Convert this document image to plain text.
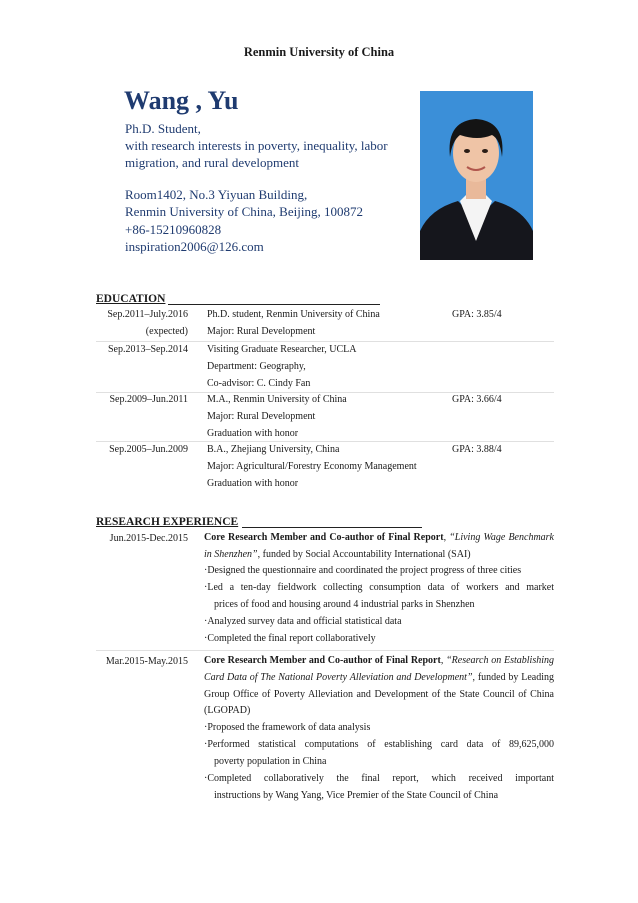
Renmin University of China
Wang , Yu
Ph.D. Student,
with research interests in poverty, inequality, labor
migration, and rural development
Room1402, No.3 Yiyuan Building,
Renmin University of China, Beijing, 100872
+86-15210960828
inspiration2006@126.com
EDUCATION
Sep.2011–July.2016
(expected)
Ph.D. student, Renmin University of China
Major: Rural Development
GPA: 3.85/4
Sep.2013–Sep.2014 Visiting Graduate Researcher, UCLA
Department: Geography,
Co-advisor: C. Cindy Fan
Sep.2009–Jun.2011 M.A., Renmin University of China
Major: Rural Development
Graduation with honor
GPA: 3.66/4
Sep.2005–Jun.2009 B.A., Zhejiang University, China
Major: Agricultural/Forestry Economy Management
Graduation with honor
GPA: 3.88/4
RESEARCH EXPERIENCE
Jun.2015-Dec.2015 Core Research Member and Co-author of Final Report, “Living Wage Benchmark in Shenzhen”, funded by Social Accountability International (SAI)
·Designed the questionnaire and coordinated the project progress of three cities
·Led a ten-day fieldwork collecting consumption data of workers and market
prices of food and housing around 4 industrial parks in Shenzhen
·Analyzed survey data and official statistical data
·Completed the final report collaboratively
Mar.2015-May.2015 Core Research Member and Co-author of Final Report, “Research on Establishing Card Data of The National Poverty Alleviation and Development”, funded by Leading Group Office of Poverty Alleviation and Development of the State Council of China (LGOPAD)
·Proposed the framework of data analysis
·Performed statistical computations of establishing card data of 89,625,000
poverty population in China
·Completed collaboratively the final report, which received important
instructions by Wang Yang, Vice Premier of the State Council of China
